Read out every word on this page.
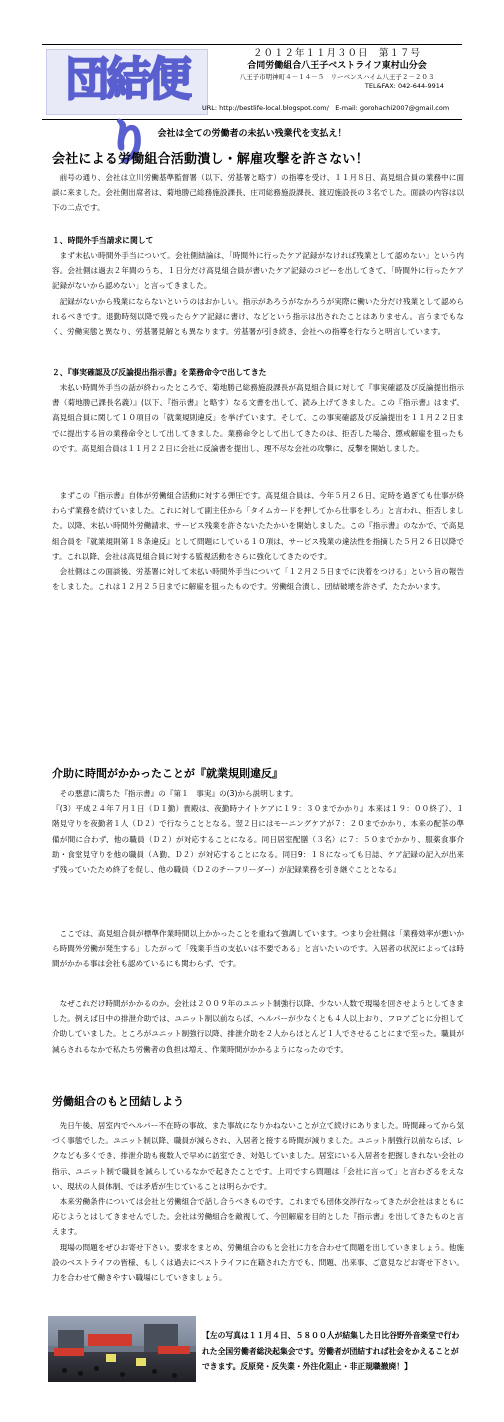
団結便り
２０１２年１１月３０日　第１７号
合同労働組合八王子ベストライフ東村山分会
八王子市明神町４－１４－５　リーベンスハイム八王子２－２０３
TEL&FAX: 042-644-9914
URL: http://bestlife-local.blogspot.com/　E-mail: gorohachi2007@gmail.com
会社は全ての労働者の未払い残業代を支払え！
会社による労働組合活動潰し・解雇攻撃を許さない！

前号の通り、会社は立川労働基準監督署（以下、労基署と略す）の指導を受け、１１月８日、高見組合員の業務中に面談に来ました。会社側出席者は、菊地勝己総務施設課長、庄司総務施設課長、渡辺施設長の３名でした。面談の内容は以下の二点です。

１、時間外手当請求に関して

まず未払い時間外手当について。会社側結論は、「時間外に行ったケア記録がなければ残業として認めない」という内容。会社側は過去２年間のうち、１日分だけ高見組合員が書いたケア記録のコピーを出してきて、「時間外に行ったケア記録がないから認めない」と言ってきました。

記録がないから残業にならないというのはおかしい。指示があろうがなかろうが実際に働いた分だけ残業として認められるべきです。退勤時刻以降で残ったらケア記録に書け、などという指示は出されたことはありません。言うまでもなく、労働実態と異なり、労基署見解とも異なります。労基署が引き続き、会社への指導を行なうと明言しています。

２、『事実確認及び反論提出指示書』を業務命令で出してきた

未払い時間外手当の話が終わったところで、菊地勝己総務施設課長が高見組合員に対して『事実確認及び反論提出指示書（菊地勝己課長名義）』(以下、『指示書』と略す）なる文書を出して、読み上げてきました。この『指示書』はまず、高見組合員に関して１０項目の「就業規則違反」を挙げています。そして、この事実確認及び反論提出を１１月２２日までに提出する旨の業務命令として出してきました。業務命令として出してきたのは、拒否した場合、懲戒解雇を狙ったものです。高見組合員は１１月２２日に会社に反論書を提出し、理不尽な会社の攻撃に、反撃を開始しました。

まずこの『指示書』自体が労働組合活動に対する弾圧です。高見組合員は、今年５月２６日、定時を過ぎても仕事が終わらず業務を続けていました。これに対して副主任から「タイムカードを押してから仕事をしろ」と言われ、拒否しました。以降、未払い時間外労働請求、サービス残業を許さないたたかいを開始しました。この『指示書』のなかで、で高見組合員を『就業規則第１８条違反』として問題にしている１０項は、サービス残業の違法性を指摘した５月２６日以降です。これ以降、会社は高見組合員に対する監視活動をさらに強化してきたのです。

会社側はこの面談後、労基署に対して未払い時間外手当について「１２月２５日までに決着をつける」という旨の報告をしました。これは１２月２５日までに解雇を狙ったものです。労働組合潰し、団結破壊を許さず、たたかいます。

介助に時間がかかったことが『就業規則違反』

その悪意に満ちた『指示書』の『第１　事実』の(3)から説明します。

『(3）平成２４年７月１日（Ｄ１勤）貴殿は、夜勤時ナイトケアに１９：３０までかかり』本来は１９：００終了）、１階見守りを夜勤者１人（Ｄ２）で行なうこととなる。翌２日にはモーニングケアが７：２０までかかり、本来の配茶の準備が間に合わず、他の職員（Ｄ２）が対応することになる。同日居室配膳（３名）に７：５０までかかり、服薬食事介助・食堂見守りを他の職員（Ａ勤、Ｄ２）が対応することになる。同日9：１８になっても日誌、ケア記録の記入が出来ず残っていたため終了を促し、他の職員（Ｄ２のチーフリーダー）が記録業務を引き継ぐこととなる』

ここでは、高見組合員が標準作業時間以上かかったことを重ねて強調しています。つまり会社側は「業務効率が悪いから時間外労働が発生する」したがって「残業手当の支払いは不要である」と言いたいのです。入居者の状況によっては時間がかかる事は会社も認めているにも関わらず、です。

なぜこれだけ時間がかかるのか。会社は２００９年のユニット制強行以降、少ない人数で現場を回させようとしてきました。例えば日中の排泄介助では、ユニット制以前ならば、ヘルパーが少なくとも４人以上おり、フロアごとに分担して介助していました。ところがユニット制強行以降、排泄介助を２人からほとんど１人でさせることにまで至った。職員が減らされるなかで私たち労働者の負担は増え、作業時間がかかるようになったのです。

労働組合のもと団結しよう

先日午後、居室内でヘルパー不在時の事故、また事故になりかねないことが立て続けにありました。時間疎ってから気づく事態でした。ユニット制以降、職員が減らされ、入居者と接する時間が減りました。ユニット制強行以前ならば、レクなども多くでき、排泄介助も複数人で早めに訪室でき、対処していました。居室にいる入居者を把握しきれない会社の指示、ユニット制で職員を減らしているなかで起きたことです。上司ですら問題は「会社に言って」と言わざるをえない、現状の人員体制、では矛盾が生じていることは明らかです。

本来労働条件については会社と労働組合で話し合うべきものです。これまでも団体交渉行なってきたが会社はまともに応じようとはしてきませんでした。会社は労働組合を敵視して、今回解雇を目的とした『指示書』を出してきたものと言えます。

現場の問題をぜひお寄せ下さい。要求をまとめ、労働組合のもと会社に力を合わせて問題を出していきましょう。他施設のベストライフの皆様、もしくは過去にベストライフに在籍された方でも、問題、出来事、ご意見などお寄せ下さい。力を合わせて働きやすい職場にしていきましょう。

【左の写真は１１月４日、５８００人が結集した日比谷野外音楽堂で行われた全国労働者総決起集会です。労働者が団結すれば社会をかえることができます。反原発・反失業・外注化阻止・非正規職撤廃！】
